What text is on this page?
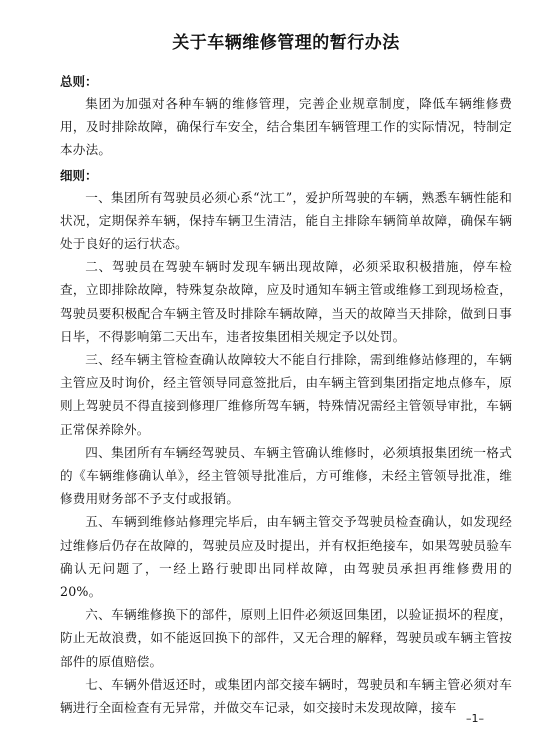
关于车辆维修管理的暂行办法
总则：

集团为加强对各种车辆的维修管理，完善企业规章制度，降低车辆维修费用，及时排除故障，确保行车安全，结合集团车辆管理工作的实际情况，特制定本办法。

细则：

一、集团所有驾驶员必须心系“沈工”，爱护所驾驶的车辆，熟悉车辆性能和状况，定期保养车辆，保持车辆卫生清洁，能自主排除车辆简单故障，确保车辆处于良好的运行状态。

二、驾驶员在驾驶车辆时发现车辆出现故障，必须采取积极措施，停车检查，立即排除故障，特殊复杂故障，应及时通知车辆主管或维修工到现场检查，驾驶员要积极配合车辆主管及时排除车辆故障，当天的故障当天排除，做到日事日毕，不得影响第二天出车，违者按集团相关规定予以处罚。

三、经车辆主管检查确认故障较大不能自行排除，需到维修站修理的，车辆主管应及时询价，经主管领导同意签批后，由车辆主管到集团指定地点修车，原则上驾驶员不得直接到修理厂维修所驾车辆，特殊情况需经主管领导审批，车辆正常保养除外。

四、集团所有车辆经驾驶员、车辆主管确认维修时，必须填报集团统一格式的《车辆维修确认单》，经主管领导批准后，方可维修，未经主管领导批准，维修费用财务部不予支付或报销。

五、车辆到维修站修理完毕后，由车辆主管交予驾驶员检查确认，如发现经过维修后仍存在故障的，驾驶员应及时提出，并有权拒绝接车，如果驾驶员验车确认无问题了，一经上路行驶即出同样故障，由驾驶员承担再维修费用的 20%。

六、车辆维修换下的部件，原则上旧件必须返回集团，以验证损坏的程度，防止无故浪费，如不能返回换下的部件，又无合理的解释，驾驶员或车辆主管按部件的原值赔偿。

七、车辆外借返还时，或集团内部交接车辆时，驾驶员和车辆主管必须对车辆进行全面检查有无异常，并做交车记录，如交接时未发现故障，接车

–1–
